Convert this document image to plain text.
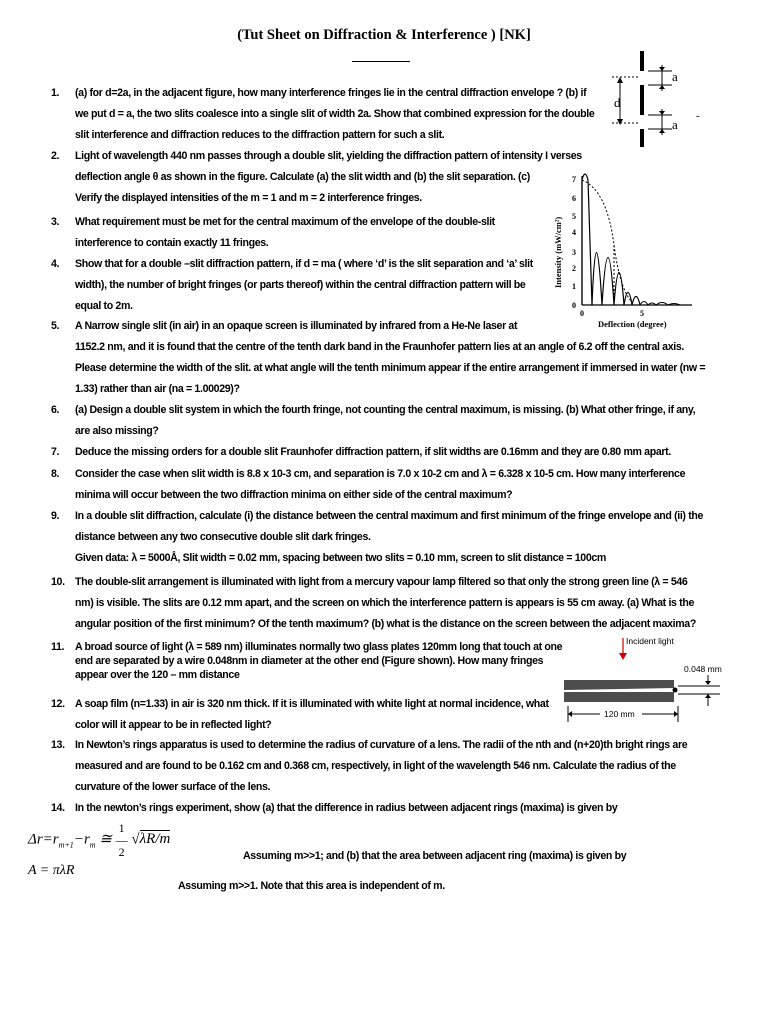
(Tut Sheet on Diffraction & Interference ) [NK]
1. (a) for d=2a, in the adjacent figure, how many interference fringes lie in the central diffraction envelope ? (b) if
we put d = a, the two slits coalesce into a single slit of width 2a. Show that combined expression for the double
slit interference and diffraction reduces to the diffraction pattern for such a slit.
2. Light of wavelength 440 nm passes through a double slit, yielding the diffraction pattern of intensity I verses
deflection angle θ as shown in the figure. Calculate (a) the slit width and (b) the slit separation. (c)
Verify the displayed intensities of the m = 1 and m = 2 interference fringes.
3. What requirement must be met for the central maximum of the envelope of the double-slit
interference to contain exactly 11 fringes.
4. Show that for a double –slit diffraction pattern, if d = ma ( where ‘d’ is the slit separation and ‘a’ slit
width), the number of bright fringes (or parts thereof) within the central diffraction pattern will be
equal to 2m.
5. A Narrow single slit (in air) in an opaque screen is illuminated by infrared from a He-Ne laser at
1152.2 nm, and it is found that the centre of the tenth dark band in the Fraunhofer pattern lies at an angle of 6.2 off the central axis.
Please determine the width of the slit. at what angle will the tenth minimum appear if the entire arrangement if immersed in water (nw =
1.33) rather than air (na = 1.00029)?
6. (a) Design a double slit system in which the fourth fringe, not counting the central maximum, is missing. (b) What other fringe, if any,
are also missing?
7. Deduce the missing orders for a double slit Fraunhofer diffraction pattern, if slit widths are 0.16mm and they are 0.80 mm apart.
8. Consider the case when slit width is 8.8 x 10-3 cm, and separation is 7.0 x 10-2 cm and λ = 6.328 x 10-5 cm. How many interference
minima will occur between the two diffraction minima on either side of the central maximum?
9. In a double slit diffraction, calculate (i) the distance between the central maximum and first minimum of the fringe envelope and (ii) the
distance between any two consecutive double slit dark fringes.
Given data: λ = 5000Å, Slit width = 0.02 mm, spacing between two slits = 0.10 mm, screen to slit distance = 100cm
10. The double-slit arrangement is illuminated with light from a mercury vapour lamp filtered so that only the strong green line (λ = 546
nm) is visible. The slits are 0.12 mm apart, and the screen on which the interference pattern is appears is 55 cm away. (a) What is the
angular position of the first minimum? Of the tenth maximum? (b) what is the distance on the screen between the adjacent maxima?
11. A broad source of light (λ = 589 nm) illuminates normally two glass plates 120mm long that touch at one
end are separated by a wire 0.048nm in diameter at the other end (Figure shown). How many fringes
appear over the 120 – mm distance
12. A soap film (n=1.33) in air is 320 nm thick. If it is illuminated with white light at normal incidence, what
color will it appear to be in reflected light?
13. In Newton’s rings apparatus is used to determine the radius of curvature of a lens. The radii of the nth and (n+20)th bright rings are
measured and are found to be 0.162 cm and 0.368 cm, respectively, in light of the wavelength 546 nm. Calculate the radius of the
curvature of the lower surface of the lens.
14. In the newton’s rings experiment, show (a) that the difference in radius between adjacent rings (maxima) is given by
$\Delta r=r_{m+1}-r_m$ ≅ 1
―
2 √λR/m
Assuming m>>1; and (b) that the area between adjacent ring (maxima) is given by
A = πλR
Assuming m>>1. Note that this area is independent of m.
a
d
a
-
Intensity (mW/cm²)
7
6
5
4
3
2
1
0
0	5
Deflection (degree)
Incident light
0.048 mm
120 mm
